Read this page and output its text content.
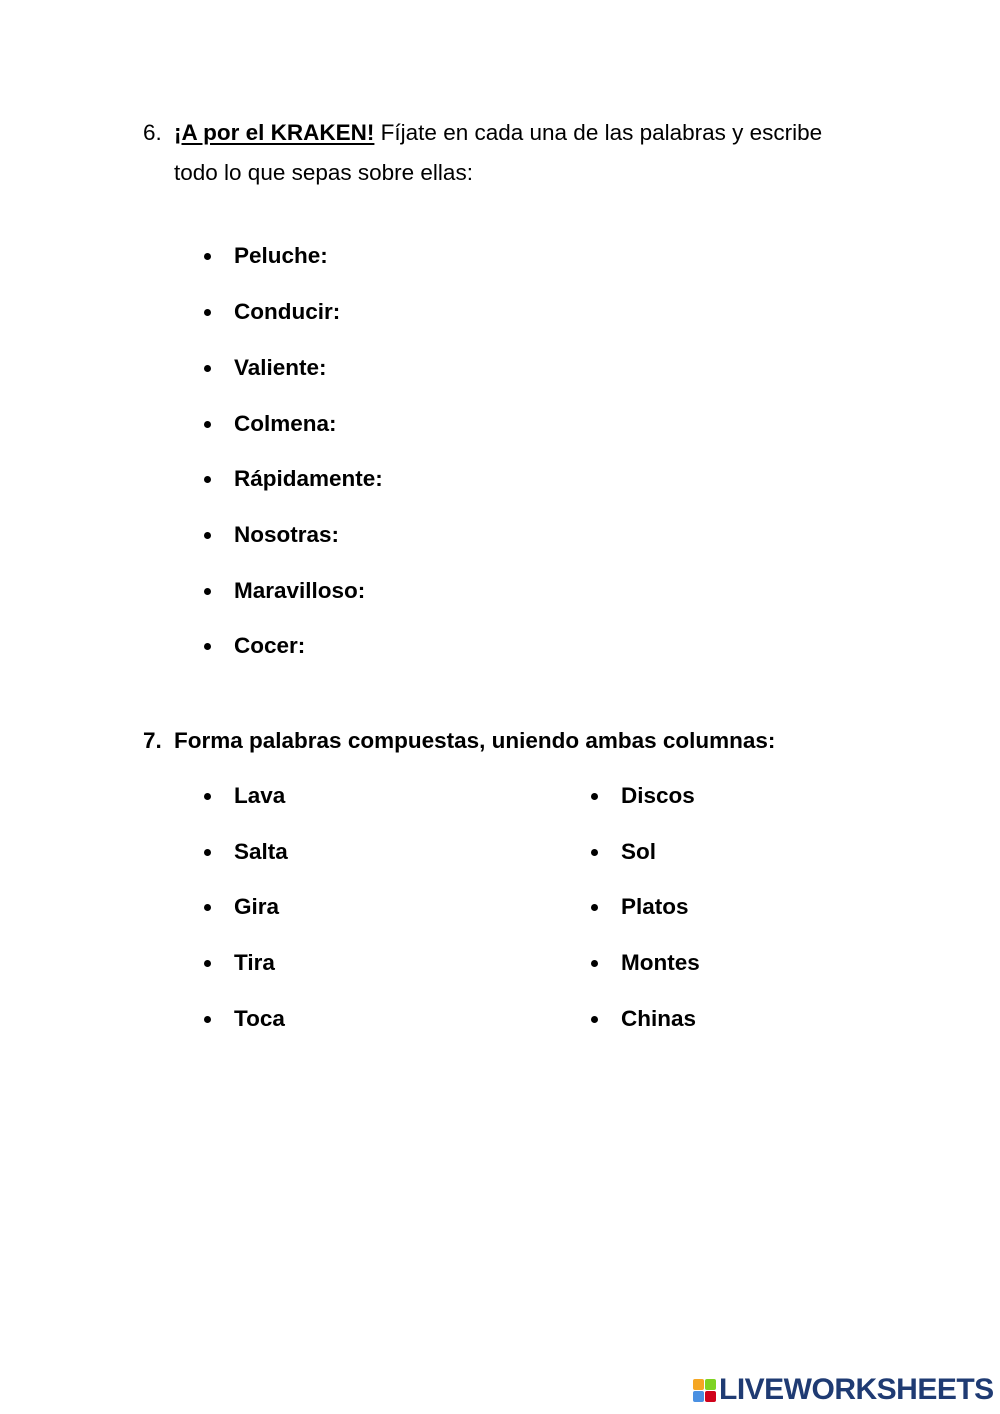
6. ¡A por el KRAKEN! Fíjate en cada una de las palabras y escribe
todo lo que sepas sobre ellas:
Peluche:
Conducir:
Valiente:
Colmena:
Rápidamente:
Nosotras:
Maravilloso:
Cocer:
7. Forma palabras compuestas, uniendo ambas columnas:
Lava
Salta
Gira
Tira
Toca
Discos
Sol
Platos
Montes
Chinas
LIVEWORKSHEETS
